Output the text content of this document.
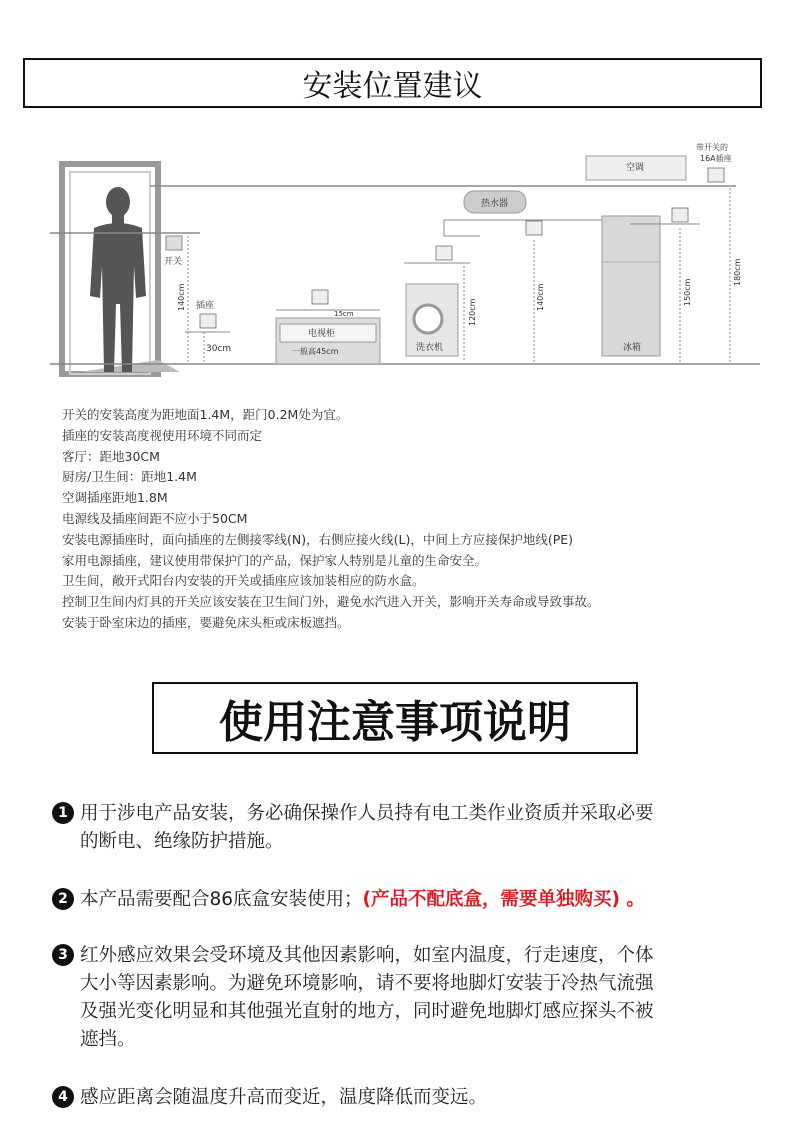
安装位置建议
开关
140cm 插座
30cm
15cm
电视柜
一般高45cm	洗衣机
120cm
热水器
140cm
冰箱
150cm
空调
带开关的
16A插座
180cm
开关的安装高度为距地面1.4M，距门0.2M处为宜。
插座的安装高度视使用环境不同而定
客厅：距地30CM
厨房/卫生间：距地1.4M
空调插座距地1.8M
电源线及插座间距不应小于50CM
安装电源插座时，面向插座的左侧接零线(N)，右侧应接火线(L)，中间上方应接保护地线(PE)
家用电源插座，建议使用带保护门的产品，保护家人特别是儿童的生命安全。
卫生间，敞开式阳台内安装的开关或插座应该加装相应的防水盒。
控制卫生间内灯具的开关应该安装在卫生间门外，避免水汽进入开关，影响开关寿命或导致事故。
安装于卧室床边的插座，要避免床头柜或床板遮挡。
使用注意事项说明
1 用于涉电产品安装，务必确保操作人员持有电工类作业资质并采取必要
的断电、绝缘防护措施。
2 本产品需要配合86底盒安装使用；(产品不配底盒，需要单独购买) 。
3 红外感应效果会受环境及其他因素影响，如室内温度，行走速度，个体
大小等因素影响。为避免环境影响，请不要将地脚灯安装于冷热气流强
及强光变化明显和其他强光直射的地方，同时避免地脚灯感应探头不被
遮挡。
4 感应距离会随温度升高而变近，温度降低而变远。
